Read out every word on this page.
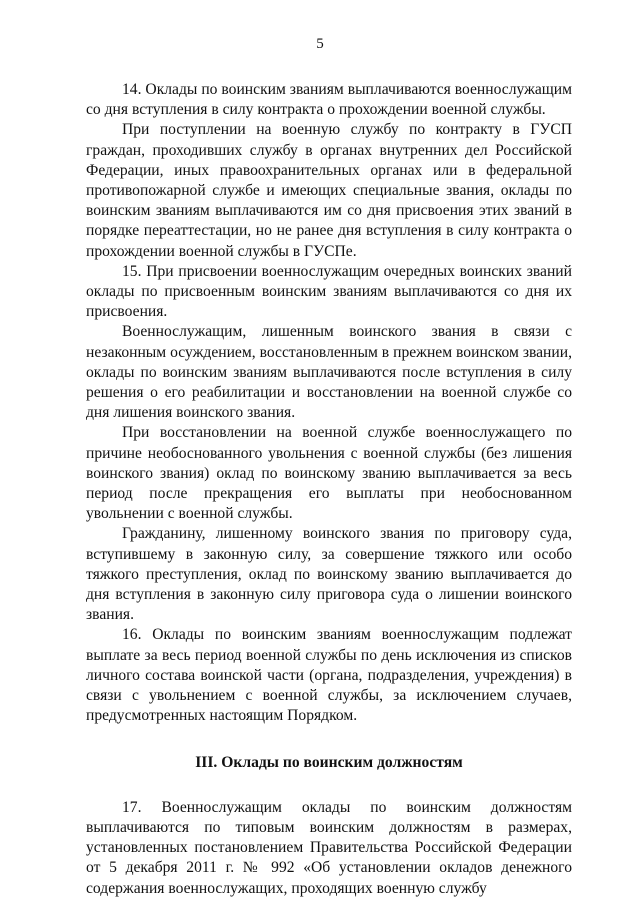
5

14. Оклады по воинским званиям выплачиваются военнослужащим со дня вступления в силу контракта о прохождении военной службы.

При поступлении на военную службу по контракту в ГУСП граждан, проходивших службу в органах внутренних дел Российской Федерации, иных правоохранительных органах или в федеральной противопожарной службе и имеющих специальные звания, оклады по воинским званиям выплачиваются им со дня присвоения этих званий в порядке переаттестации, но не ранее дня вступления в силу контракта о прохождении военной службы в ГУСПе.

15. При присвоении военнослужащим очередных воинских званий оклады по присвоенным воинским званиям выплачиваются со дня их присвоения.

Военнослужащим, лишенным воинского звания в связи с незаконным осуждением, восстановленным в прежнем воинском звании, оклады по воинским званиям выплачиваются после вступления в силу решения о его реабилитации и восстановлении на военной службе со дня лишения воинского звания.

При восстановлении на военной службе военнослужащего по причине необоснованного увольнения с военной службы (без лишения воинского звания) оклад по воинскому званию выплачивается за весь период после прекращения его выплаты при необоснованном увольнении с военной службы.

Гражданину, лишенному воинского звания по приговору суда, вступившему в законную силу, за совершение тяжкого или особо тяжкого преступления, оклад по воинскому званию выплачивается до дня вступления в законную силу приговора суда о лишении воинского звания.

16. Оклады по воинским званиям военнослужащим подлежат выплате за весь период военной службы по день исключения из списков личного состава воинской части (органа, подразделения, учреждения) в связи с увольнением с военной службы, за исключением случаев, предусмотренных настоящим Порядком.

III. Оклады по воинским должностям

17. Военнослужащим оклады по воинским должностям выплачиваются по типовым воинским должностям в размерах, установленных постановлением Правительства Российской Федерации от 5 декабря 2011 г. № 992 «Об установлении окладов денежного содержания военнослужащих, проходящих военную службу
